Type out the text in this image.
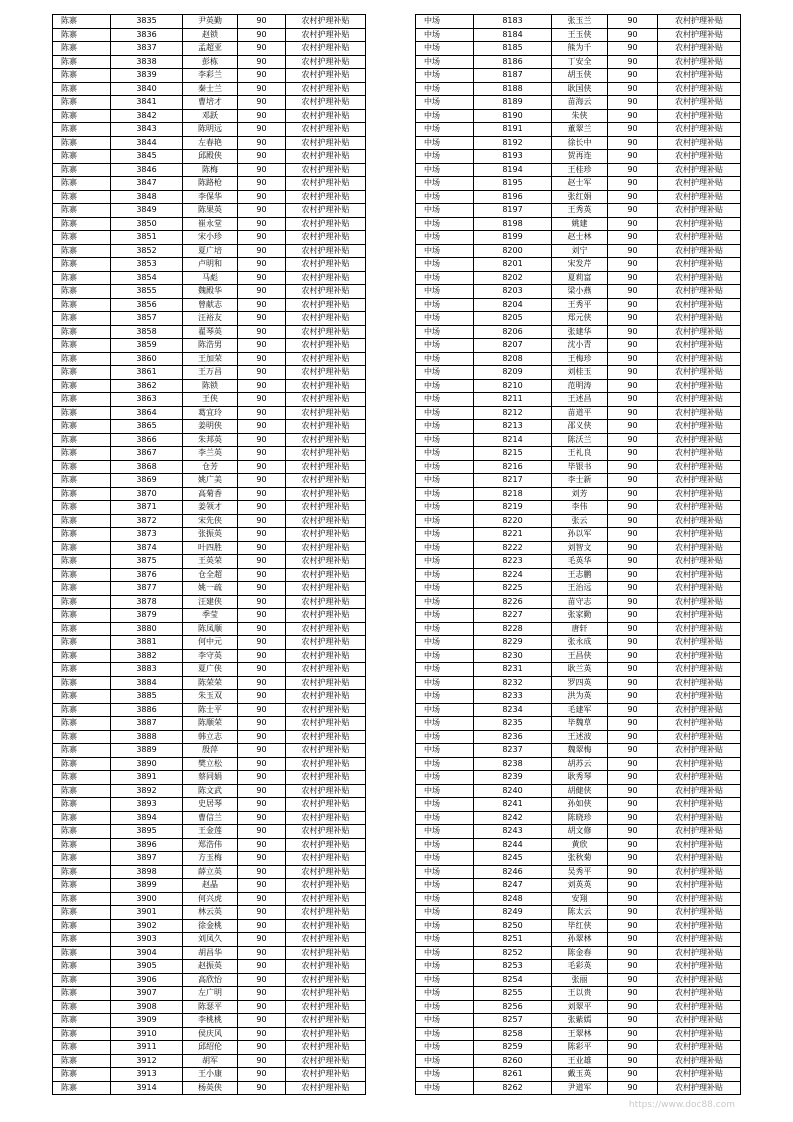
陈寨	3835	尹英勤	90	农村护理补贴
陈寨	3836	赵锁	90	农村护理补贴
陈寨	3837	孟超亚	90	农村护理补贴
陈寨	3838	彭栋	90	农村护理补贴
陈寨	3839	李彩兰	90	农村护理补贴
陈寨	3840	秦士兰	90	农村护理补贴
陈寨	3841	曹培才	90	农村护理补贴
陈寨	3842	邓跃	90	农村护理补贴
陈寨	3843	陈明远	90	农村护理补贴
陈寨	3844	左春艳	90	农村护理补贴
陈寨	3845	邱殿侠	90	农村护理补贴
陈寨	3846	陈梅	90	农村护理补贴
陈寨	3847	陈路枪	90	农村护理补贴
陈寨	3848	李保华	90	农村护理补贴
陈寨	3849	陈果英	90	农村护理补贴
陈寨	3850	崔永堂	90	农村护理补贴
陈寨	3851	宋小珍	90	农村护理补贴
陈寨	3852	夏广培	90	农村护理补贴
陈寨	3853	卢明和	90	农村护理补贴
陈寨	3854	马彪	90	农村护理补贴
陈寨	3855	魏殿华	90	农村护理补贴
陈寨	3856	曾献志	90	农村护理补贴
陈寨	3857	汪裕友	90	农村护理补贴
陈寨	3858	翟琴英	90	农村护理补贴
陈寨	3859	陈浩男	90	农村护理补贴
陈寨	3860	王加荣	90	农村护理补贴
陈寨	3861	王万昌	90	农村护理补贴
陈寨	3862	陈锁	90	农村护理补贴
陈寨	3863	王侠	90	农村护理补贴
陈寨	3864	葛宜玲	90	农村护理补贴
陈寨	3865	姜明侠	90	农村护理补贴
陈寨	3866	朱邦英	90	农村护理补贴
陈寨	3867	李兰英	90	农村护理补贴
陈寨	3868	仓芳	90	农村护理补贴
陈寨	3869	姚广美	90	农村护理补贴
陈寨	3870	高菊香	90	农村护理补贴
陈寨	3871	姜领才	90	农村护理补贴
陈寨	3872	宋先侠	90	农村护理补贴
陈寨	3873	张振英	90	农村护理补贴
陈寨	3874	叶四胜	90	农村护理补贴
陈寨	3875	王英荣	90	农村护理补贴
陈寨	3876	仓全超	90	农村护理补贴
陈寨	3877	姚一疏	90	农村护理补贴
陈寨	3878	汪建侠	90	农村护理补贴
陈寨	3879	季莹	90	农村护理补贴
陈寨	3880	陈凤顺	90	农村护理补贴
陈寨	3881	何中元	90	农村护理补贴
陈寨	3882	李守英	90	农村护理补贴
陈寨	3883	夏广侠	90	农村护理补贴
陈寨	3884	陈荣荣	90	农村护理补贴
陈寨	3885	朱玉双	90	农村护理补贴
陈寨	3886	陈士平	90	农村护理补贴
陈寨	3887	陈顺荣	90	农村护理补贴
陈寨	3888	韩立志	90	农村护理补贴
陈寨	3889	殷萍	90	农村护理补贴
陈寨	3890	樊立松	90	农村护理补贴
陈寨	3891	蔡同娟	90	农村护理补贴
陈寨	3892	陈文武	90	农村护理补贴
陈寨	3893	史居琴	90	农村护理补贴
陈寨	3894	曹信兰	90	农村护理补贴
陈寨	3895	王金莲	90	农村护理补贴
陈寨	3896	郑浩伟	90	农村护理补贴
陈寨	3897	方玉梅	90	农村护理补贴
陈寨	3898	薛立英	90	农村护理补贴
陈寨	3899	赵晶	90	农村护理补贴
陈寨	3900	何兴虎	90	农村护理补贴
陈寨	3901	林云英	90	农村护理补贴
陈寨	3902	徐金桃	90	农村护理补贴
陈寨	3903	刘凤久	90	农村护理补贴
陈寨	3904	胡昌华	90	农村护理补贴
陈寨	3905	赵振英	90	农村护理补贴
陈寨	3906	高欣怡	90	农村护理补贴
陈寨	3907	左广明	90	农村护理补贴
陈寨	3908	陈瑟平	90	农村护理补贴
陈寨	3909	李桃桃	90	农村护理补贴
陈寨	3910	侯庆风	90	农村护理补贴
陈寨	3911	邱绍伦	90	农村护理补贴
陈寨	3912	胡军	90	农村护理补贴
陈寨	3913	王小康	90	农村护理补贴
陈寨	3914	杨英侠	90	农村护理补贴
中场	8183	张玉兰	90	农村护理补贴
中场	8184	王玉侠	90	农村护理补贴
中场	8185	熊为千	90	农村护理补贴
中场	8186	丁安全	90	农村护理补贴
中场	8187	胡玉侠	90	农村护理补贴
中场	8188	耿国侠	90	农村护理补贴
中场	8189	苗海云	90	农村护理补贴
中场	8190	朱侠	90	农村护理补贴
中场	8191	董翠兰	90	农村护理补贴
中场	8192	徐长中	90	农村护理补贴
中场	8193	贺再连	90	农村护理补贴
中场	8194	王桂珍	90	农村护理补贴
中场	8195	赵士军	90	农村护理补贴
中场	8196	张红娟	90	农村护理补贴
中场	8197	王秀英	90	农村护理补贴
中场	8198	姚建	90	农村护理补贴
中场	8199	赵士林	90	农村护理补贴
中场	8200	刘宁	90	农村护理补贴
中场	8201	宋发芹	90	农村护理补贴
中场	8202	夏莉富	90	农村护理补贴
中场	8203	梁小燕	90	农村护理补贴
中场	8204	王秀平	90	农村护理补贴
中场	8205	郑元侠	90	农村护理补贴
中场	8206	张建华	90	农村护理补贴
中场	8207	沈小青	90	农村护理补贴
中场	8208	王梅珍	90	农村护理补贴
中场	8209	刘桂玉	90	农村护理补贴
中场	8210	范明涛	90	农村护理补贴
中场	8211	王述昌	90	农村护理补贴
中场	8212	苗道平	90	农村护理补贴
中场	8213	邵义侠	90	农村护理补贴
中场	8214	陈沃兰	90	农村护理补贴
中场	8215	王礼良	90	农村护理补贴
中场	8216	毕银书	90	农村护理补贴
中场	8217	李士新	90	农村护理补贴
中场	8218	刘芳	90	农村护理补贴
中场	8219	李伟	90	农村护理补贴
中场	8220	张云	90	农村护理补贴
中场	8221	孙以军	90	农村护理补贴
中场	8222	刘智文	90	农村护理补贴
中场	8223	毛英华	90	农村护理补贴
中场	8224	王志鹏	90	农村护理补贴
中场	8225	王治远	90	农村护理补贴
中场	8226	苗守志	90	农村护理补贴
中场	8227	张家勤	90	农村护理补贴
中场	8228	唐轩	90	农村护理补贴
中场	8229	张永成	90	农村护理补贴
中场	8230	王昌侠	90	农村护理补贴
中场	8231	耿兰英	90	农村护理补贴
中场	8232	罗四英	90	农村护理补贴
中场	8233	洪为英	90	农村护理补贴
中场	8234	毛建军	90	农村护理补贴
中场	8235	毕魏草	90	农村护理补贴
中场	8236	王述波	90	农村护理补贴
中场	8237	魏翠梅	90	农村护理补贴
中场	8238	胡苏云	90	农村护理补贴
中场	8239	耿秀琴	90	农村护理补贴
中场	8240	胡健侠	90	农村护理补贴
中场	8241	孙如侠	90	农村护理补贴
中场	8242	陈晓珍	90	农村护理补贴
中场	8243	胡文修	90	农村护理补贴
中场	8244	黄欣	90	农村护理补贴
中场	8245	张秋菊	90	农村护理补贴
中场	8246	吴秀平	90	农村护理补贴
中场	8247	刘英英	90	农村护理补贴
中场	8248	安翔	90	农村护理补贴
中场	8249	陈太云	90	农村护理补贴
中场	8250	毕红侠	90	农村护理补贴
中场	8251	孙翠林	90	农村护理补贴
中场	8252	陈金春	90	农村护理补贴
中场	8253	毛彩英	90	农村护理补贴
中场	8254	张丽	90	农村护理补贴
中场	8255	王以贵	90	农村护理补贴
中场	8256	刘翠平	90	农村护理补贴
中场	8257	张紫嫣	90	农村护理补贴
中场	8258	王翠林	90	农村护理补贴
中场	8259	陈彩平	90	农村护理补贴
中场	8260	王业雄	90	农村护理补贴
中场	8261	戴玉英	90	农村护理补贴
中场	8262	尹道军	90	农村护理补贴
https://www.doc88.com
